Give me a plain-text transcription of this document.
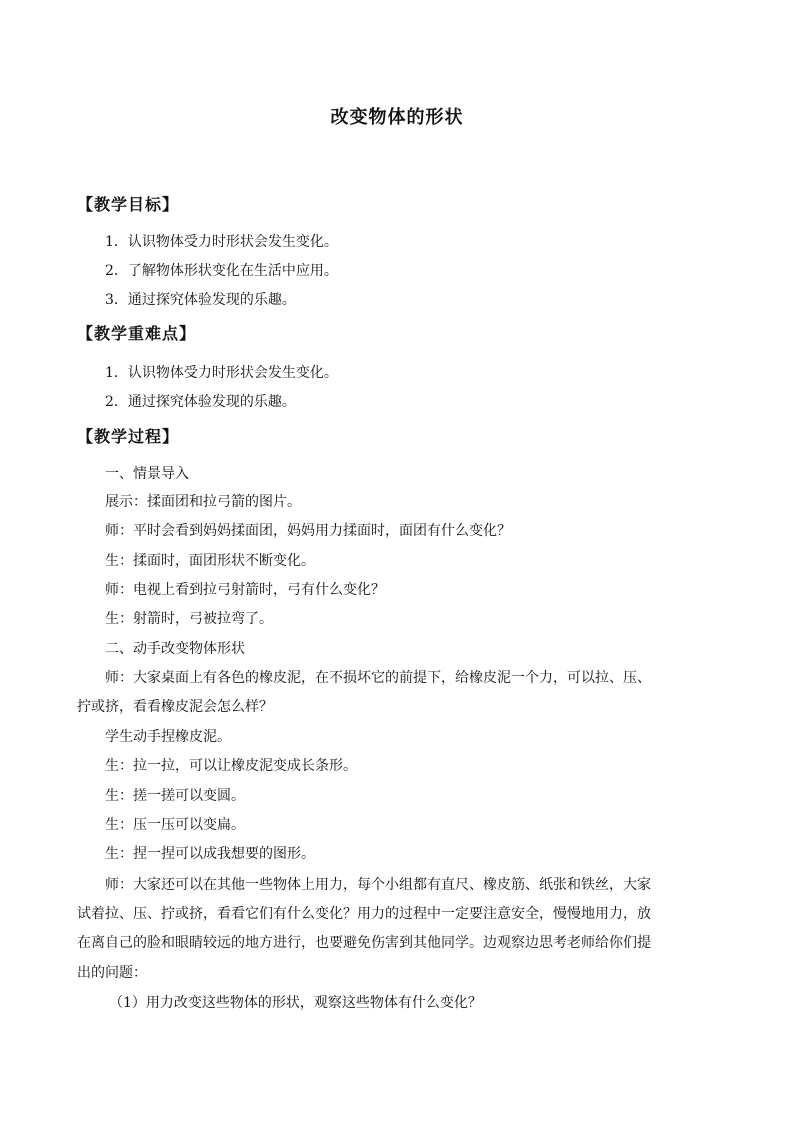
改变物体的形状
【教学目标】
1．认识物体受力时形状会发生变化。
2．了解物体形状变化在生活中应用。
3．通过探究体验发现的乐趣。
【教学重难点】
1．认识物体受力时形状会发生变化。
2．通过探究体验发现的乐趣。
【教学过程】
一、情景导入
展示：揉面团和拉弓箭的图片。
师：平时会看到妈妈揉面团，妈妈用力揉面时，面团有什么变化？
生：揉面时，面团形状不断变化。
师：电视上看到拉弓射箭时，弓有什么变化？
生：射箭时，弓被拉弯了。
二、动手改变物体形状
师：大家桌面上有各色的橡皮泥，在不损坏它的前提下，给橡皮泥一个力，可以拉、压、
拧或挤，看看橡皮泥会怎么样？
学生动手捏橡皮泥。
生：拉一拉，可以让橡皮泥变成长条形。
生：搓一搓可以变圆。
生：压一压可以变扁。
生：捏一捏可以成我想要的图形。
师：大家还可以在其他一些物体上用力，每个小组都有直尺、橡皮筋、纸张和铁丝，大家
试着拉、压、拧或挤，看看它们有什么变化？用力的过程中一定要注意安全，慢慢地用力，放
在离自己的脸和眼睛较远的地方进行，也要避免伤害到其他同学。边观察边思考老师给你们提
出的问题：
（1）用力改变这些物体的形状，观察这些物体有什么变化？
